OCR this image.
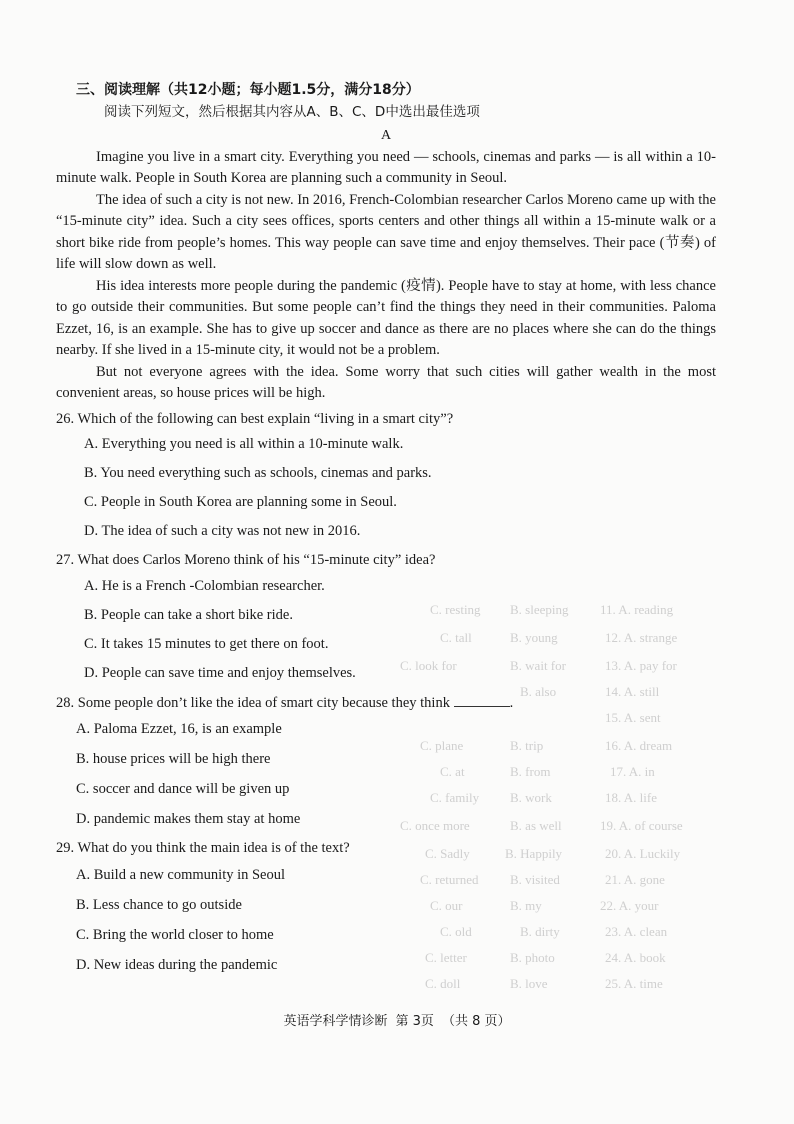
11. A. reading
B. sleeping
C. resting
12. A. strange
B. young
C. tall
13. A. pay for
B. wait for
C. look for
14. A. still
B. also
15. A. sent
16. A. dream
B. trip
C. plane
17. A. in
B. from
C. at
18. A. life
B. work
C. family
19. A. of course
B. as well
C. once more
20. A. Luckily
B. Happily
C. Sadly
21. A. gone
B. visited
C. returned
22. A. your
B. my
C. our
23. A. clean
B. dirty
C. old
24. A. book
B. photo
C. letter
25. A. time
B. love
C. doll
三、阅读理解（共12小题；每小题1.5分，满分18分）
阅读下列短文，然后根据其内容从A、B、C、D中选出最佳选项
A

Imagine you live in a smart city. Everything you need — schools, cinemas and parks — is all within a 10-minute walk. People in South Korea are planning such a community in Seoul.

The idea of such a city is not new. In 2016, French-Colombian researcher Carlos Moreno came up with the “15-minute city” idea. Such a city sees offices, sports centers and other things all within a 15-minute walk or a short bike ride from people’s homes. This way people can save time and enjoy themselves. Their pace (节奏) of life will slow down as well.

His idea interests more people during the pandemic (疫情). People have to stay at home, with less chance to go outside their communities. But some people can’t find the things they need in their communities. Paloma Ezzet, 16, is an example. She has to give up soccer and dance as there are no places where she can do the things nearby. If she lived in a 15-minute city, it would not be a problem.

But not everyone agrees with the idea. Some worry that such cities will gather wealth in the most convenient areas, so house prices will be high.

26. Which of the following can best explain “living in a smart city”?
A. Everything you need is all within a 10-minute walk.
B. You need everything such as schools, cinemas and parks.
C. People in South Korea are planning some in Seoul.
D. The idea of such a city was not new in 2016.
27. What does Carlos Moreno think of his “15-minute city” idea?
A. He is a French -Colombian researcher.
B. People can take a short bike ride.
C. It takes 15 minutes to get there on foot.
D. People can save time and enjoy themselves.
28. Some people don’t like the idea of smart city because they think	.
A. Paloma Ezzet, 16, is an example
B. house prices will be high there
C. soccer and dance will be given up
D. pandemic makes them stay at home
29. What do you think the main idea is of the text?
A. Build a new community in Seoul
B. Less chance to go outside
C. Bring the world closer to home
D. New ideas during the pandemic
英语学科学情诊断 第 3页 （共 8 页）
